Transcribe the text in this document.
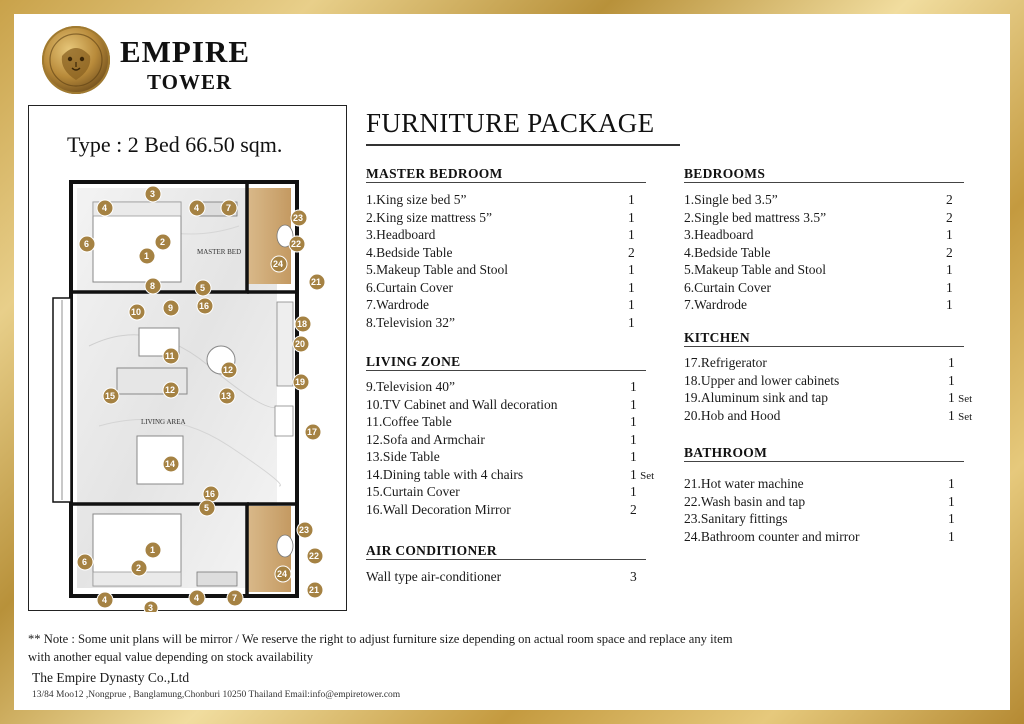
EMPIRE
TOWER
Type : 2 Bed 66.50 sqm.
MASTER BED
LIVING AREA
3
4	4	7
6	2
1
23
22
24
21
8	5
10	9	16
18
20
11
12
19
12
13
15
17
14
16
5
23
1
22
6
2
24
21
4	4	7
3
FURNITURE PACKAGE
MASTER BEDROOM
1.King size bed 5”	1
2.King size mattress 5”	1
3.Headboard	1
4.Bedside Table	2
5.Makeup Table and Stool	1
6.Curtain Cover	1
7.Wardrode	1
8.Television 32”	1
LIVING ZONE
9.Television 40”	1
10.TV Cabinet and Wall decoration	1
11.Coffee Table	1
12.Sofa and Armchair	1
13.Side Table	1
14.Dining table with 4 chairs	1 Set
15.Curtain Cover	1
16.Wall Decoration Mirror	2
AIR CONDITIONER
Wall type air-conditioner	3
BEDROOMS
1.Single bed 3.5”	2
2.Single bed mattress 3.5”	2
3.Headboard	1
4.Bedside Table	2
5.Makeup Table and Stool	1
6.Curtain Cover	1
7.Wardrode	1
KITCHEN
17.Refrigerator	1
18.Upper and lower cabinets	1
19.Aluminum sink and tap	1 Set
20.Hob and Hood	1 Set
BATHROOM
21.Hot water machine	1
22.Wash basin and tap	1
23.Sanitary fittings	1
24.Bathroom counter and mirror	1
** Note : Some unit plans will be mirror / We reserve the right to adjust furniture size depending on actual room space and replace any item
with another equal value depending on stock availability
The Empire Dynasty Co.,Ltd
13/84 Moo12 ,Nongprue , Banglamung,Chonburi 10250 Thailand Email:info@empiretower.com
